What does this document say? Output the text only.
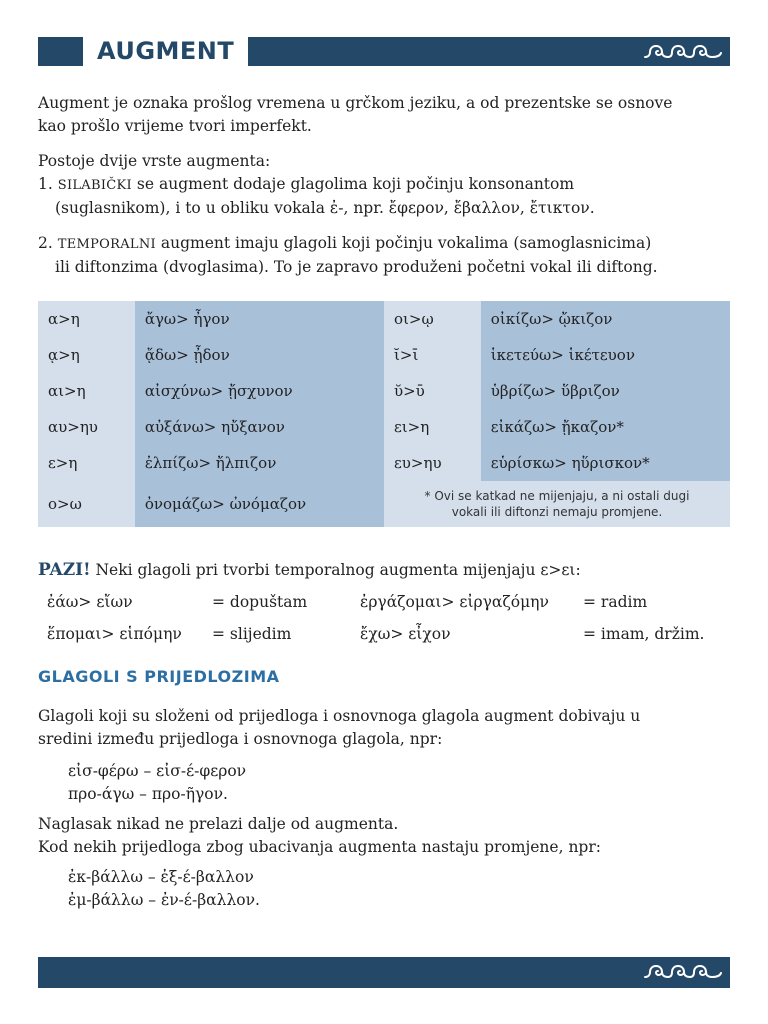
AUGMENT

Augment je oznaka prošlog vremena u grčkom jeziku, a od prezentske se osnove
kao prošlo vrijeme tvori imperfekt.

Postoje dvije vrste augmenta:
1. SILABIČKI se augment dodaje glagolima koji počinju konsonantom
(suglasnikom), i to u obliku vokala ἐ-, npr. ἔφερον, ἔβαλλον, ἔτικτον.

2. TEMPORALNI augment imaju glagoli koji počinju vokalima (samoglasnicima)
ili diftonzima (dvoglasima). To je zapravo produženi početni vokal ili diftong.

α>η	ἄγω> ἦγον	οι>ῳ	οἰκίζω> ᾤκιζον
ᾳ>η	ᾄδω> ᾖδον	ῐ>ῑ	ἱκετεύω> ἱκέτευον
αι>η	αἰσχύνω> ᾔσχυνον	ῠ>ῡ	ὑβρίζω> ὕβριζον
αυ>ηυ	αὐξάνω> ηὔξανον	ει>η	εἰκάζω> ᾔκαζον*
ε>η	ἐλπίζω> ἤλπιζον	ευ>ηυ	εὑρίσκω> ηὕρισκον*
ο>ω	ὀνομάζω> ὠνόμαζον	* Ovi se katkad ne mijenjaju, a ni ostali dugi
vokali ili diftonzi nemaju promjene.	

PAZI! Neki glagoli pri tvorbi temporalnog augmenta mijenjaju ε>ει:

ἐάω> εἴων	= dopuštam	ἐργάζομαι> εἰργαζόμην = radim
ἕπομαι> εἱπόμην = slijedim	ἔχω> εἶχον	= imam, držim.
GLAGOLI S PRIJEDLOZIMA

Glagoli koji su složeni od prijedloga i osnovnoga glagola augment dobivaju u
sredini između prijedloga i osnovnoga glagola, npr:

εἰσ-φέρω – εἰσ-έ-φερον
προ-άγω – προ-ῆγον.

Naglasak nikad ne prelazi dalje od augmenta.
Kod nekih prijedloga zbog ubacivanja augmenta nastaju promjene, npr:

ἐκ-βάλλω – ἐξ-έ-βαλλον
ἐμ-βάλλω – ἐν-έ-βαλλον.
